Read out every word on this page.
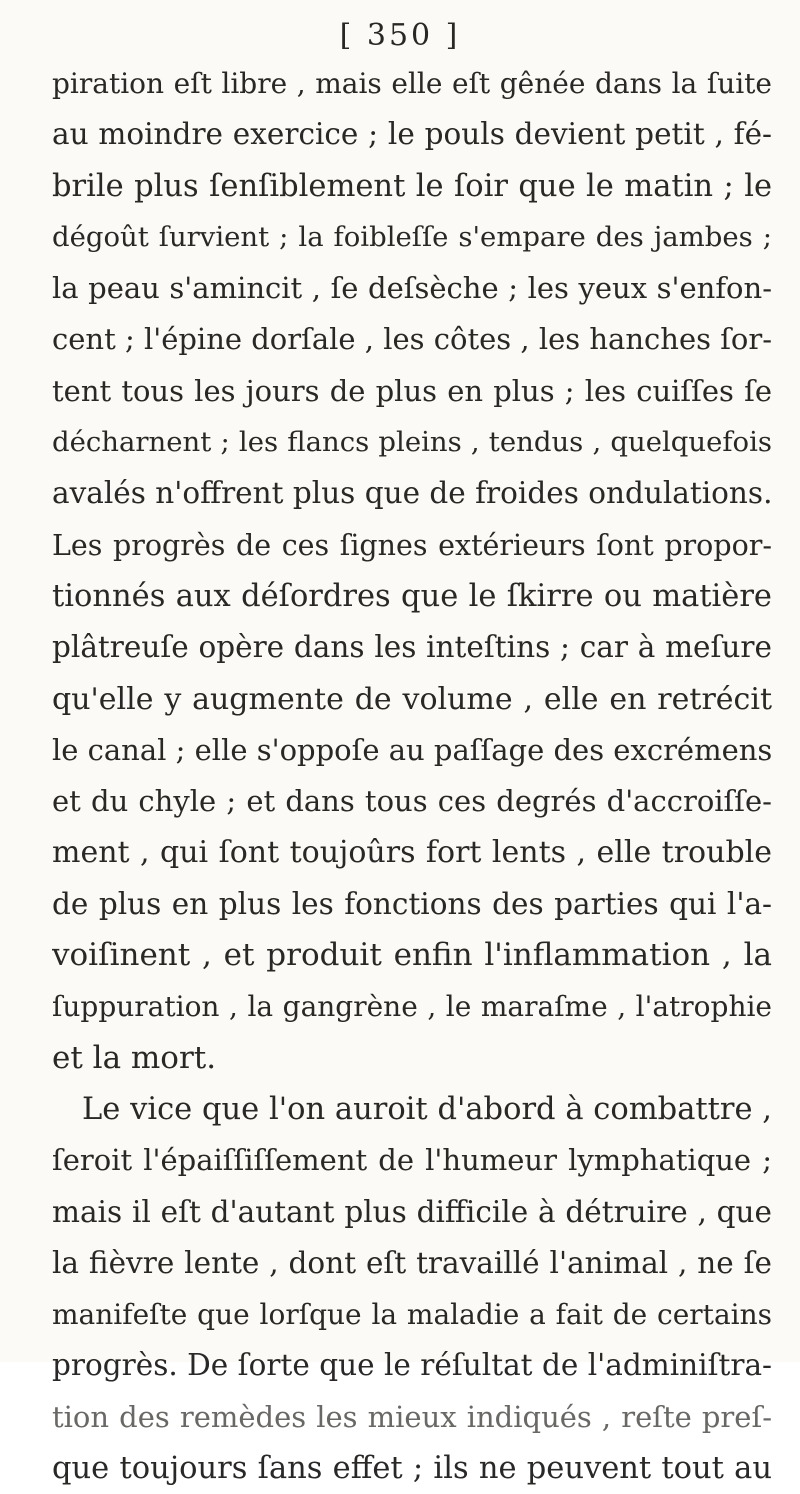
[ 350 ]
piration eſt libre , mais elle eſt gênée dans la ſuite
au moindre exercice ; le pouls devient petit , fé-
brile plus ſenſiblement le ſoir que le matin ; le
dégoût ſurvient ; la foibleſſe s'empare des jambes ;
la peau s'amincit , ſe deſsèche ; les yeux s'enfon-
cent ; l'épine dorſale , les côtes , les hanches ſor-
tent tous les jours de plus en plus ; les cuiſſes ſe
décharnent ; les flancs pleins , tendus , quelquefois
avalés n'offrent plus que de froides ondulations.
Les progrès de ces ſignes extérieurs ſont propor-
tionnés aux déſordres que le ſkirre ou matière
plâtreuſe opère dans les inteſtins ; car à meſure
qu'elle y augmente de volume , elle en retrécit
le canal ; elle s'oppoſe au paſſage des excrémens
et du chyle ; et dans tous ces degrés d'accroiſſe-
ment , qui ſont toujoûrs fort lents , elle trouble
de plus en plus les fonctions des parties qui l'a-
voiſinent , et produit enfin l'inflammation , la
ſuppuration , la gangrène , le maraſme , l'atrophie
et la mort.
Le vice que l'on auroit d'abord à combattre ,
ſeroit l'épaiſſiſſement de l'humeur lymphatique ;
mais il eſt d'autant plus difficile à détruire , que
la fièvre lente , dont eſt travaillé l'animal , ne ſe
manifeſte que lorſque la maladie a fait de certains
progrès. De ſorte que le réſultat de l'adminiſtra-
tion des remèdes les mieux indiqués , reſte preſ-
que toujours ſans effet ; ils ne peuvent tout au
